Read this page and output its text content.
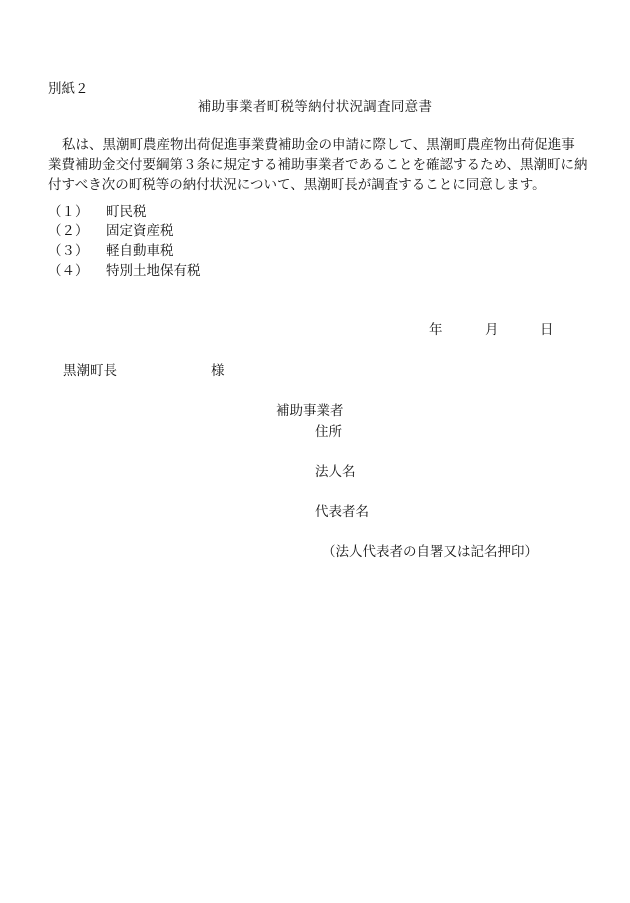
別紙２
補助事業者町税等納付状況調査同意書

私は、黒潮町農産物出荷促進事業費補助金の申請に際して、黒潮町農産物出荷促進事業費補助金交付要綱第３条に規定する補助事業者であることを確認するため、黒潮町に納付すべき次の町税等の納付状況について、黒潮町長が調査することに同意します。

（１） 町民税
（２） 固定資産税
（３） 軽自動車税
（４） 特別土地保有税
年	月	日
黒潮町長	様
補助事業者
住所
法人名
代表者名
（法人代表者の自署又は記名押印）
